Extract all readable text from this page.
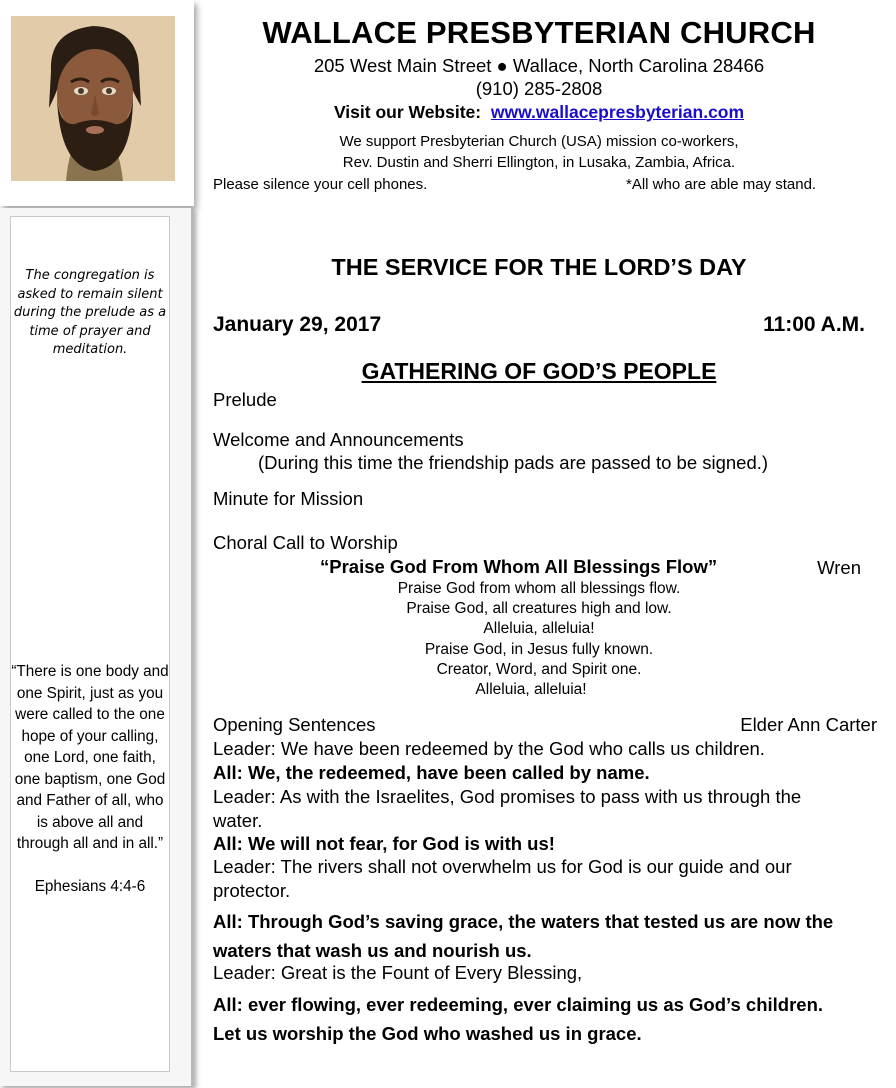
The congregation is asked to remain silent during the prelude as a time of prayer and meditation.
“There is one body and one Spirit, just as you were called to the one hope of your calling, one Lord, one faith, one baptism, one God and Father of all, who is above all and through all and in all.”
Ephesians 4:4-6
WALLACE PRESBYTERIAN CHURCH
205 West Main Street ● Wallace, North Carolina 28466
(910) 285-2808
Visit our Website: www.wallacepresbyterian.com
We support Presbyterian Church (USA) mission co-workers,
Rev. Dustin and Sherri Ellington, in Lusaka, Zambia, Africa.
Please silence your cell phones.	*All who are able may stand.
THE SERVICE FOR THE LORD’S DAY
January 29, 2017	11:00 A.M.
GATHERING OF GOD’S PEOPLE
Prelude
Welcome and Announcements
(During this time the friendship pads are passed to be signed.)
Minute for Mission
Choral Call to Worship
“Praise God From Whom All Blessings Flow”	Wren
Praise God from whom all blessings flow.
Praise God, all creatures high and low.
Alleluia, alleluia!
Praise God, in Jesus fully known.
Creator, Word, and Spirit one.
Alleluia, alleluia!
Opening Sentences	Elder Ann Carter
Leader: We have been redeemed by the God who calls us children.
All: We, the redeemed, have been called by name.
Leader: As with the Israelites, God promises to pass with us through the water.
All: We will not fear, for God is with us!
Leader: The rivers shall not overwhelm us for God is our guide and our protector.
All: Through God’s saving grace, the waters that tested us are now the waters that wash us and nourish us.
Leader: Great is the Fount of Every Blessing,
All: ever flowing, ever redeeming, ever claiming us as God’s children. Let us worship the God who washed us in grace.
